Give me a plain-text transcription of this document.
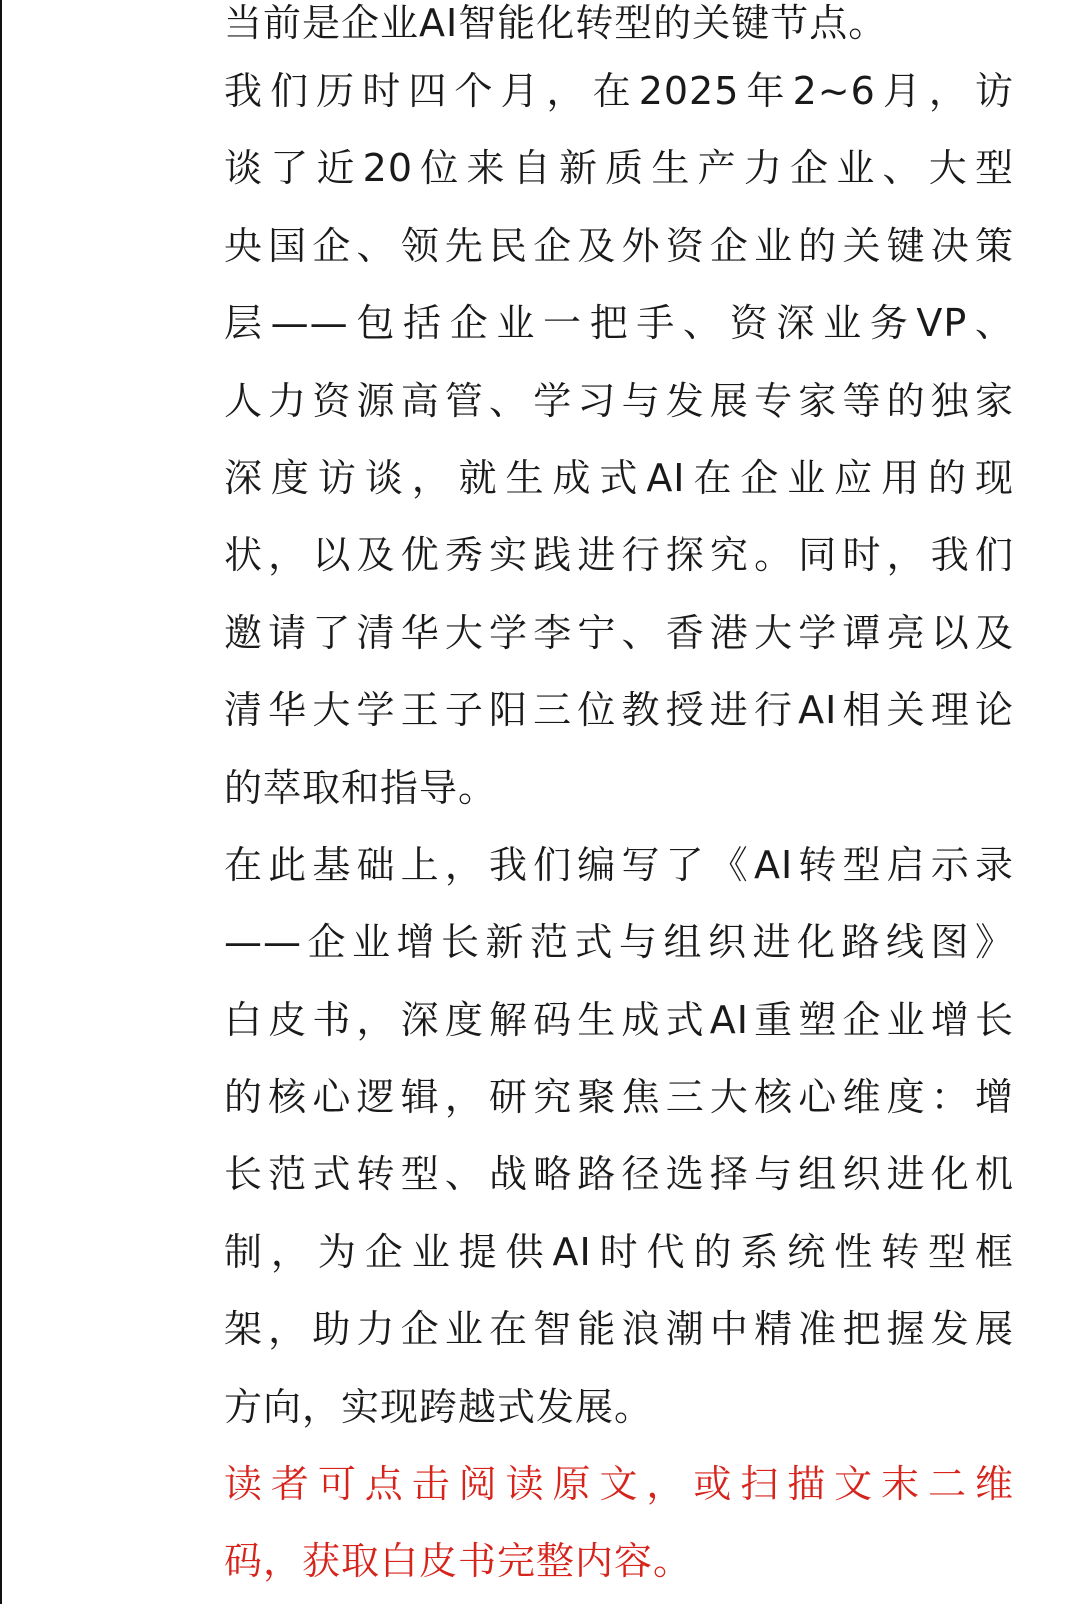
当前是企业AI智能化转型的关键节点。
我们历时四个月，在2025年2~6月，访
谈了近20位来自新质生产力企业、大型
央国企、领先民企及外资企业的关键决策
层——包括企业一把手、资深业务VP、
人力资源高管、学习与发展专家等的独家
深度访谈，就生成式AI在企业应用的现
状，以及优秀实践进行探究。同时，我们
邀请了清华大学李宁、香港大学谭亮以及
清华大学王子阳三位教授进行AI相关理论
的萃取和指导。
在此基础上，我们编写了《AI转型启示录
——企业增长新范式与组织进化路线图》
白皮书，深度解码生成式AI重塑企业增长
的核心逻辑，研究聚焦三大核心维度：增
长范式转型、战略路径选择与组织进化机
制，为企业提供AI时代的系统性转型框
架，助力企业在智能浪潮中精准把握发展
方向，实现跨越式发展。
读者可点击阅读原文，或扫描文末二维
码，获取白皮书完整内容。
